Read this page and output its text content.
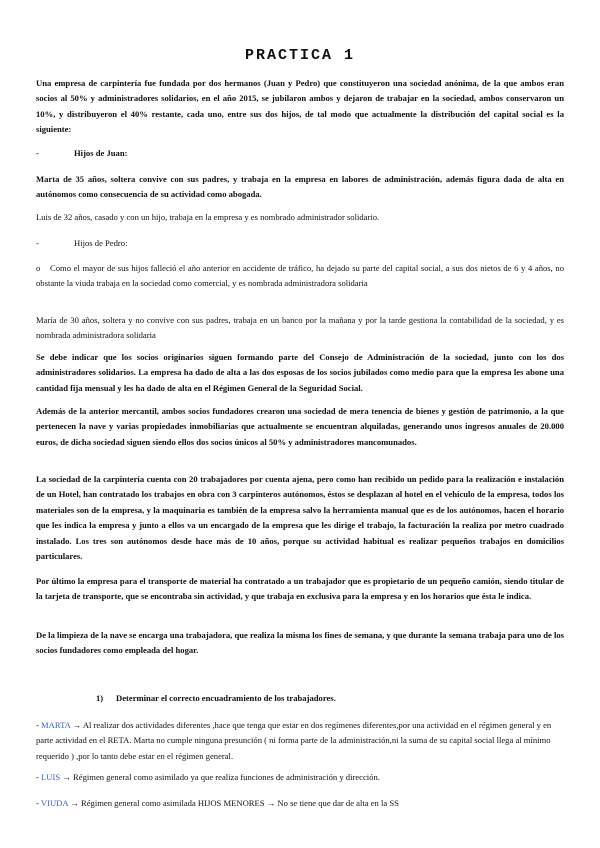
PRACTICA 1

Una empresa de carpintería fue fundada por dos hermanos (Juan y Pedro) que constituyeron una sociedad anónima, de la que ambos eran socios al 50% y administradores solidarios, en el año 2015, se jubilaron ambos y dejaron de trabajar en la sociedad, ambos conservaron un 10%, y distribuyeron el 40% restante, cada uno, entre sus dos hijos, de tal modo que actualmente la distribución del capital social es la siguiente:

-	Hijos de Juan:

Marta de 35 años, soltera convive con sus padres, y trabaja en la empresa en labores de administración, además figura dada de alta en autónomos como consecuencia de su actividad como abogada.

Luis de 32 años, casado y con un hijo, trabaja en la empresa y es nombrado administrador solidario.

-	Hijos de Pedro:

o Como el mayor de sus hijos falleció el año anterior en accidente de tráfico, ha dejado su parte del capital social, a sus dos nietos de 6 y 4 años, no obstante la viuda trabaja en la sociedad como comercial, y es nombrada administradora solidaria

María de 30 años, soltera y no convive con sus padres, trabaja en un banco por la mañana y por la tarde gestiona la contabilidad de la sociedad, y es nombrada administradora solidaria

Se debe indicar que los socios originarios siguen formando parte del Consejo de Administración de la sociedad, junto con los dos administradores solidarios. La empresa ha dado de alta a las dos esposas de los socios jubilados como medio para que la empresa les abone una cantidad fija mensual y les ha dado de alta en el Régimen General de la Seguridad Social.

Además de la anterior mercantil, ambos socios fundadores crearon una sociedad de mera tenencia de bienes y gestión de patrimonio, a la que pertenecen la nave y varias propiedades inmobiliarias que actualmente se encuentran alquiladas, generando unos ingresos anuales de 20.000 euros, de dicha sociedad siguen siendo ellos dos socios únicos al 50% y administradores mancomunados.

La sociedad de la carpintería cuenta con 20 trabajadores por cuenta ajena, pero como han recibido un pedido para la realización e instalación de un Hotel, han contratado los trabajos en obra con 3 carpinteros autónomos, éstos se desplazan al hotel en el vehículo de la empresa, todos los materiales son de la empresa, y la maquinaria es también de la empresa salvo la herramienta manual que es de los autónomos, hacen el horario que les indica la empresa y junto a ellos va un encargado de la empresa que les dirige el trabajo, la facturación la realiza por metro cuadrado instalado. Los tres son autónomos desde hace más de 10 años, porque su actividad habitual es realizar pequeños trabajos en domicilios particulares.

Por último la empresa para el transporte de material ha contratado a un trabajador que es propietario de un pequeño camión, siendo titular de la tarjeta de transporte, que se encontraba sin actividad, y que trabaja en exclusiva para la empresa y en los horarios que ésta le indica.

De la limpieza de la nave se encarga una trabajadora, que realiza la misma los fines de semana, y que durante la semana trabaja para uno de los socios fundadores como empleada del hogar.

1) Determinar el correcto encuadramiento de los trabajadores.

- MARTA → Al realizar dos actividades diferentes ,hace que tenga que estar en dos regímenes diferentes,por una actividad en el régimen general y en parte actividad en el RETA. Marta no cumple ninguna presunción ( ni forma parte de la administración,ni la suma de su capital social llega al mínimo requerido ) ,por lo tanto debe estar en el régimen general.

- LUIS → Régimen general como asimilado ya que realiza funciones de administración y dirección.

- VIUDA → Régimen general como asimilada HIJOS MENORES → No se tiene que dar de alta en la SS
